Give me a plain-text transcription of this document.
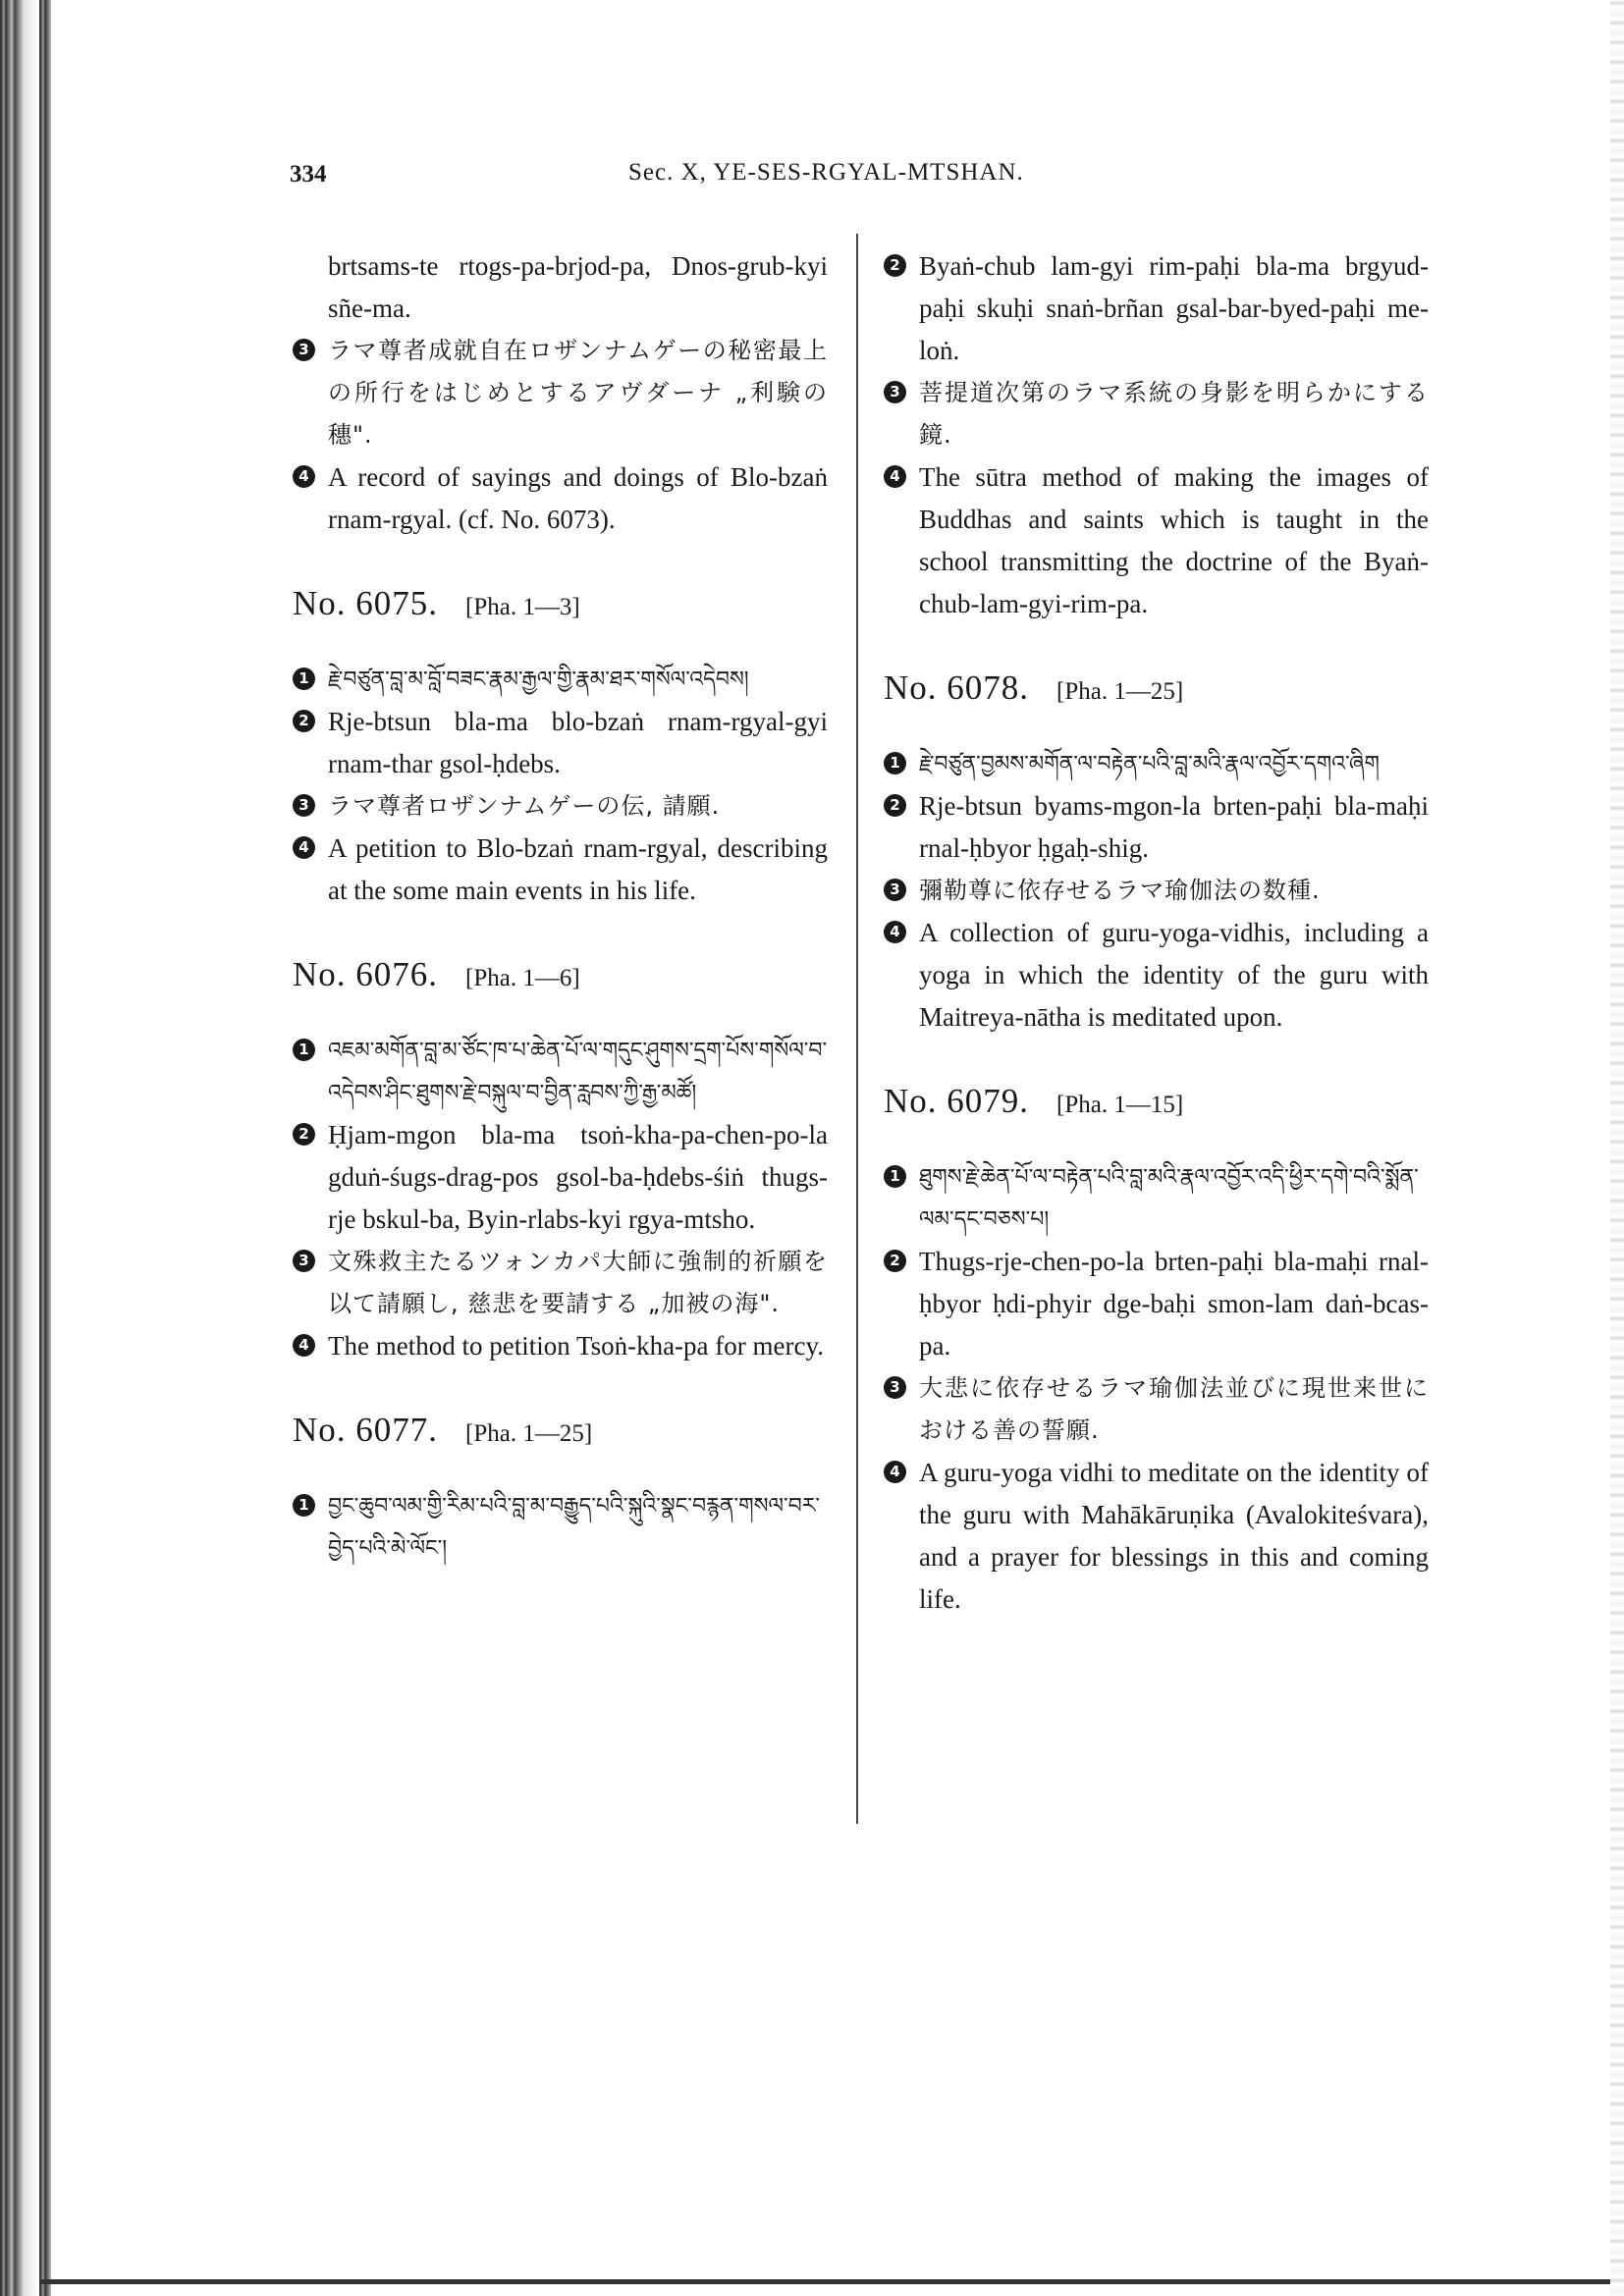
334	Sec. X, YE-SES-RGYAL-MTSHAN.
brtsams-te rtogs-pa-brjod-pa, Dnos-grub-kyi sñe-ma.
3 ラマ尊者成就自在ロザンナムゲーの秘密最上の所行をはじめとするアヴダーナ „利験の穗".
4 A record of sayings and doings of Blo-bzaṅ rnam-rgyal. (cf. No. 6073).
No. 6075. [Pha. 1—3]
1 རྗེ་བཙུན་བླ་མ་བློ་བཟང་རྣམ་རྒྱལ་གྱི་རྣམ་ཐར་གསོལ་འདེབས།
2 Rje-btsun bla-ma blo-bzaṅ rnam-rgyal-gyi rnam-thar gsol-ḥdebs.
3 ラマ尊者ロザンナムゲーの伝, 請願.
4 A petition to Blo-bzaṅ rnam-rgyal, describing at the some main events in his life.
No. 6076. [Pha. 1—6]
1 འཇམ་མགོན་བླ་མ་ཙོང་ཁ་པ་ཆེན་པོ་ལ་གདུང་ཤུགས་དྲག་པོས་གསོལ་བ་འདེབས་ཤིང་ཐུགས་རྗེ་བསྐུལ་བ་བྱིན་རླབས་ཀྱི་རྒྱ་མཚོ།
2 Ḥjam-mgon bla-ma tsoṅ-kha-pa-chen-po-la gduṅ-śugs-drag-pos gsol-ba-ḥdebs-śiṅ thugs-rje bskul-ba, Byin-rlabs-kyi rgya-mtsho.
3 文殊救主たるツォンカパ大師に強制的祈願を以て請願し, 慈悲を要請する „加被の海".
4 The method to petition Tsoṅ-kha-pa for mercy.
No. 6077. [Pha. 1—25]
1 བྱང་ཆུབ་ལམ་གྱི་རིམ་པའི་བླ་མ་བརྒྱུད་པའི་སྐུའི་སྣང་བརྙན་གསལ་བར་བྱེད་པའི་མེ་ལོང་།
2 Byaṅ-chub lam-gyi rim-paḥi bla-ma brgyud-paḥi skuḥi snaṅ-brñan gsal-bar-byed-paḥi me-loṅ.
3 菩提道次第のラマ系統の身影を明らかにする鏡.
4 The sūtra method of making the images of Buddhas and saints which is taught in the school transmitting the doctrine of the Byaṅ-chub-lam-gyi-rim-pa.
No. 6078. [Pha. 1—25]
1 རྗེ་བཙུན་བྱམས་མགོན་ལ་བརྟེན་པའི་བླ་མའི་རྣལ་འབྱོར་དགའ་ཞིག
2 Rje-btsun byams-mgon-la brten-paḥi bla-maḥi rnal-ḥbyor ḥgaḥ-shig.
3 彌勒尊に依存せるラマ瑜伽法の数種.
4 A collection of guru-yoga-vidhis, including a yoga in which the identity of the guru with Maitreya-nātha is meditated upon.
No. 6079. [Pha. 1—15]
1 ཐུགས་རྗེ་ཆེན་པོ་ལ་བརྟེན་པའི་བླ་མའི་རྣལ་འབྱོར་འདི་ཕྱིར་དགེ་བའི་སྨོན་ལམ་དང་བཅས་པ།
2 Thugs-rje-chen-po-la brten-paḥi bla-maḥi rnal-ḥbyor ḥdi-phyir dge-baḥi smon-lam daṅ-bcas-pa.
3 大悲に依存せるラマ瑜伽法並びに現世来世における善の誓願.
4 A guru-yoga vidhi to meditate on the identity of the guru with Mahākāruṇika (Avalokiteśvara), and a prayer for blessings in this and coming life.
